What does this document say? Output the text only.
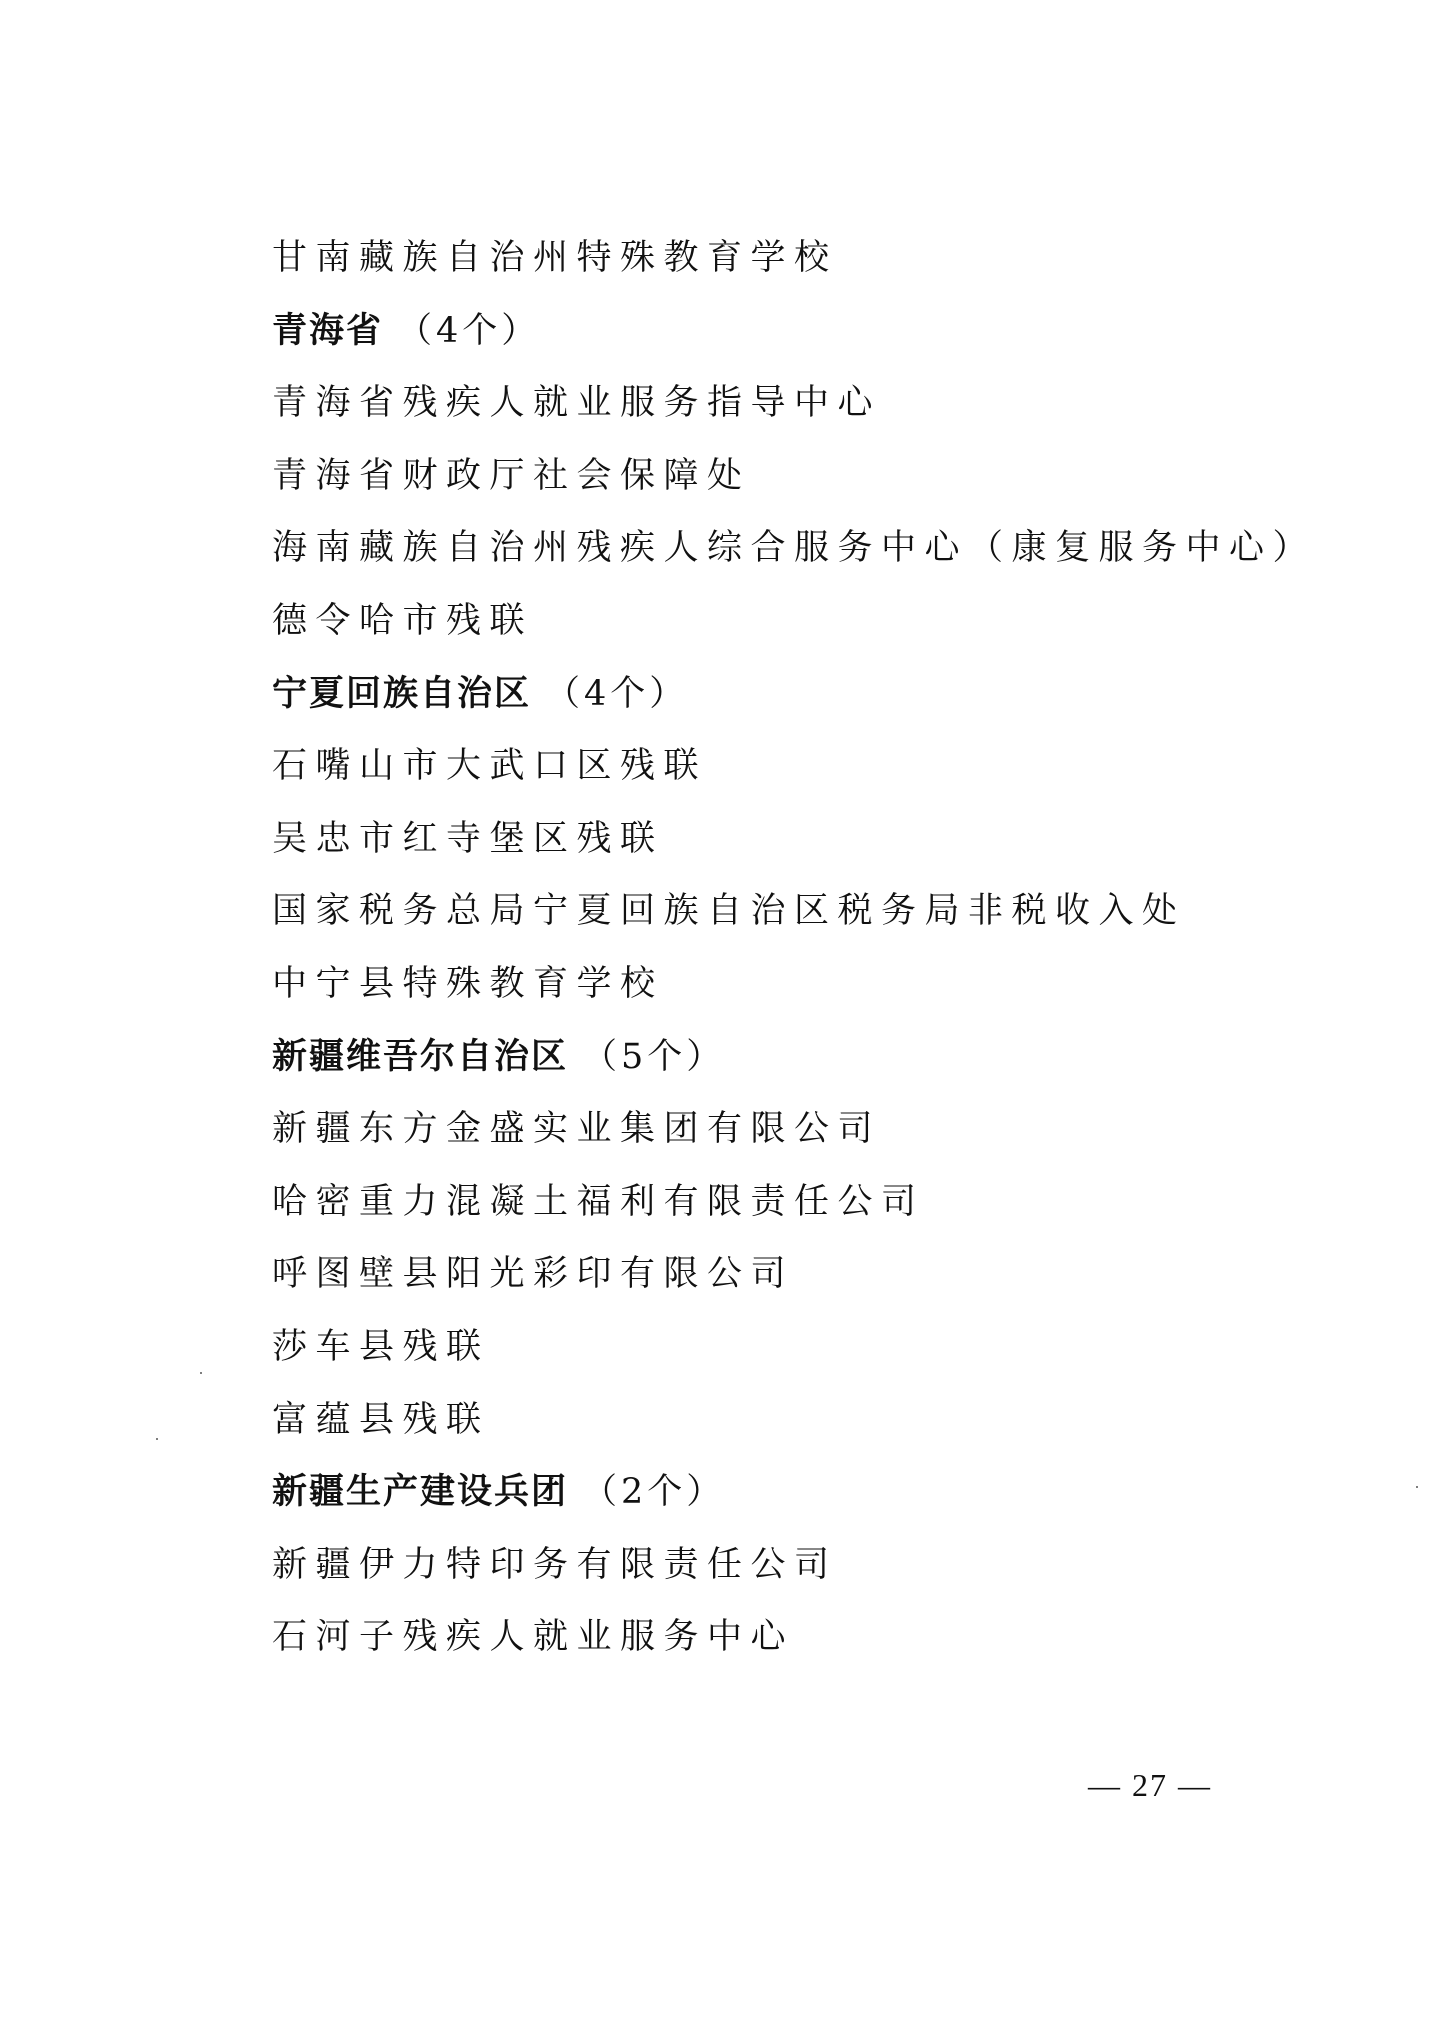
甘南藏族自治州特殊教育学校
青海省 （4个）
青海省残疾人就业服务指导中心
青海省财政厅社会保障处
海南藏族自治州残疾人综合服务中心（康复服务中心）
德令哈市残联
宁夏回族自治区 （4个）
石嘴山市大武口区残联
吴忠市红寺堡区残联
国家税务总局宁夏回族自治区税务局非税收入处
中宁县特殊教育学校
新疆维吾尔自治区 （5个）
新疆东方金盛实业集团有限公司
哈密重力混凝土福利有限责任公司
呼图壁县阳光彩印有限公司
莎车县残联
富蕴县残联
新疆生产建设兵团 （2个）
新疆伊力特印务有限责任公司
石河子残疾人就业服务中心
— 27 —
